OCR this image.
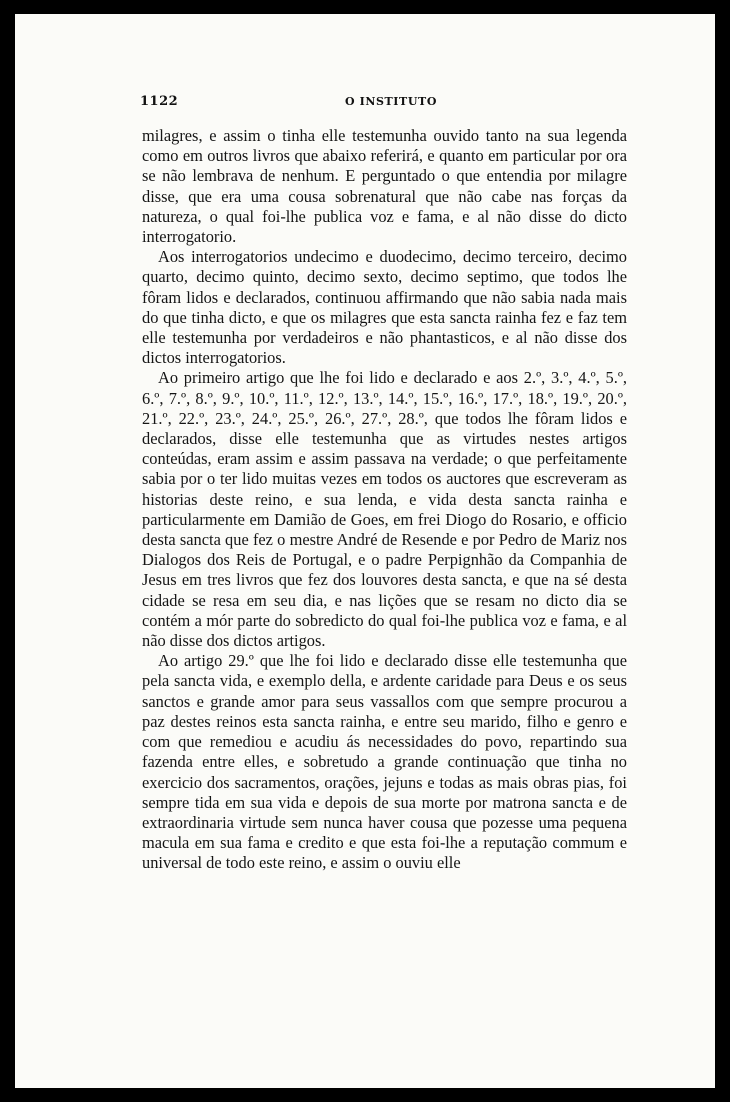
1122	O INSTITUTO

milagres, e assim o tinha elle testemunha ouvido tanto na sua legenda como em outros livros que abaixo referirá, e quanto em particular por ora se não lembrava de nenhum. E perguntado o que entendia por milagre disse, que era uma cousa sobrenatural que não cabe nas forças da natureza, o qual foi-lhe publica voz e fama, e al não disse do dicto interrogatorio.

Aos interrogatorios undecimo e duodecimo, decimo terceiro, decimo quarto, decimo quinto, decimo sexto, decimo septimo, que todos lhe fôram lidos e declarados, continuou affirmando que não sabia nada mais do que tinha dicto, e que os milagres que esta sancta rainha fez e faz tem elle testemunha por verdadeiros e não phantasticos, e al não disse dos dictos interrogatorios.

Ao primeiro artigo que lhe foi lido e declarado e aos 2.º, 3.º, 4.º, 5.º, 6.º, 7.º, 8.º, 9.º, 10.º, 11.º, 12.º, 13.º, 14.º, 15.º, 16.º, 17.º, 18.º, 19.º, 20.º, 21.º, 22.º, 23.º, 24.º, 25.º, 26.º, 27.º, 28.º, que todos lhe fôram lidos e declarados, disse elle testemunha que as virtudes nestes artigos conteúdas, eram assim e assim passava na verdade; o que perfeitamente sabia por o ter lido muitas vezes em todos os auctores que escreveram as historias deste reino, e sua lenda, e vida desta sancta rainha e particularmente em Damião de Goes, em frei Diogo do Rosario, e officio desta sancta que fez o mestre André de Resende e por Pedro de Mariz nos Dialogos dos Reis de Portugal, e o padre Perpignhão da Companhia de Jesus em tres livros que fez dos louvores desta sancta, e que na sé desta cidade se resa em seu dia, e nas lições que se resam no dicto dia se contém a mór parte do sobredicto do qual foi-lhe publica voz e fama, e al não disse dos dictos artigos.

Ao artigo 29.º que lhe foi lido e declarado disse elle testemunha que pela sancta vida, e exemplo della, e ardente caridade para Deus e os seus sanctos e grande amor para seus vassallos com que sempre procurou a paz destes reinos esta sancta rainha, e entre seu marido, filho e genro e com que remediou e acudiu ás necessidades do povo, repartindo sua fazenda entre elles, e sobretudo a grande continuação que tinha no exercicio dos sacramentos, orações, jejuns e todas as mais obras pias, foi sempre tida em sua vida e depois de sua morte por matrona sancta e de extraordinaria virtude sem nunca haver cousa que pozesse uma pequena macula em sua fama e credito e que esta foi-lhe a reputação commum e universal de todo este reino, e assim o ouviu elle
